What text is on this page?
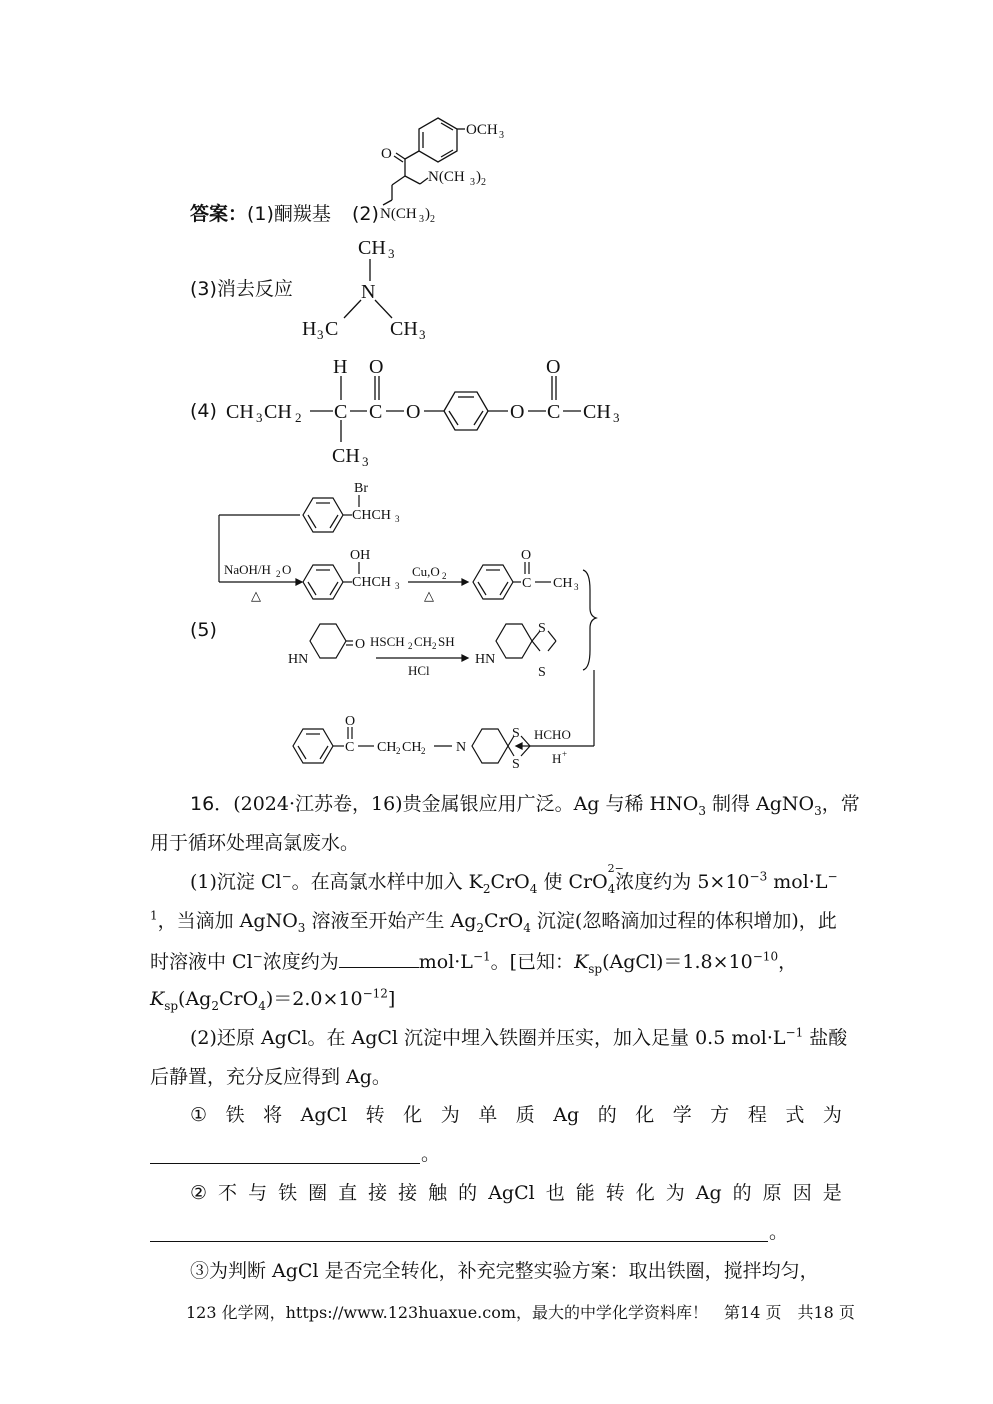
OCH 3
O
N(CH 3 ) 2
N(CH 3 ) 2
答案：(1)酮羰基 (2)
(3)消去反应
CH 3
N
H 3 C	CH 3
(4)
H O	O
CH 3 CH 2 C C O	O C CH 3
CH 3
(5)
Br
CHCH 3
OH
CHCH 3
NaOH/H 2 O
△
Cu,O 2
△
O
C CH 3
HN
O HSCH 2 CH 2 SH
HCl
HN
S
S
O
C CH 2 CH 2 N
S
S
HCHO
H +
16．(2024·江苏卷，16)贵金属银应用广泛。Ag 与稀 $HNO_3$ 制得 AgNO$_3$，常
用于循环处理高氯废水。
(1)沉淀 Cl−。在高氯水样中加入 $K_2CrO_4$ 使 CrO
$_{2- 4}$浓度约为 $5\times 10^{-3}$ mol·L−
$^1$，当滴加 AgNO$_3$ 溶液至开始产生 $Ag_2CrO_4$ 沉淀(忽略滴加过程的体积增加)，此
时溶液中 Cl−浓度约为	$mol\cdot L^{-1}$。[已知：$K_{sp}(AgCl)=1.8\times 10^{-10}$，
$K_{sp}(Ag_2CrO_4)=2.0\times 10^{-12}$]
(2)还原 AgCl。在 AgCl 沉淀中埋入铁圈并压实，加入足量 0.5 $mol\cdot L^{-1}$ 盐酸
后静置，充分反应得到 Ag。
① 铁 将 AgCl 转 化 为 单 质 Ag 的 化 学 方 程 式 为
。
② 不 与 铁 圈 直 接 接 触 的 AgCl 也 能 转 化 为 Ag 的 原 因 是
。
③为判断 AgCl 是否完全转化，补充完整实验方案：取出铁圈，搅拌均匀，
123 化学网，https://www.123huaxue.com，最大的中学化学资料库！　第14 页　共18 页
